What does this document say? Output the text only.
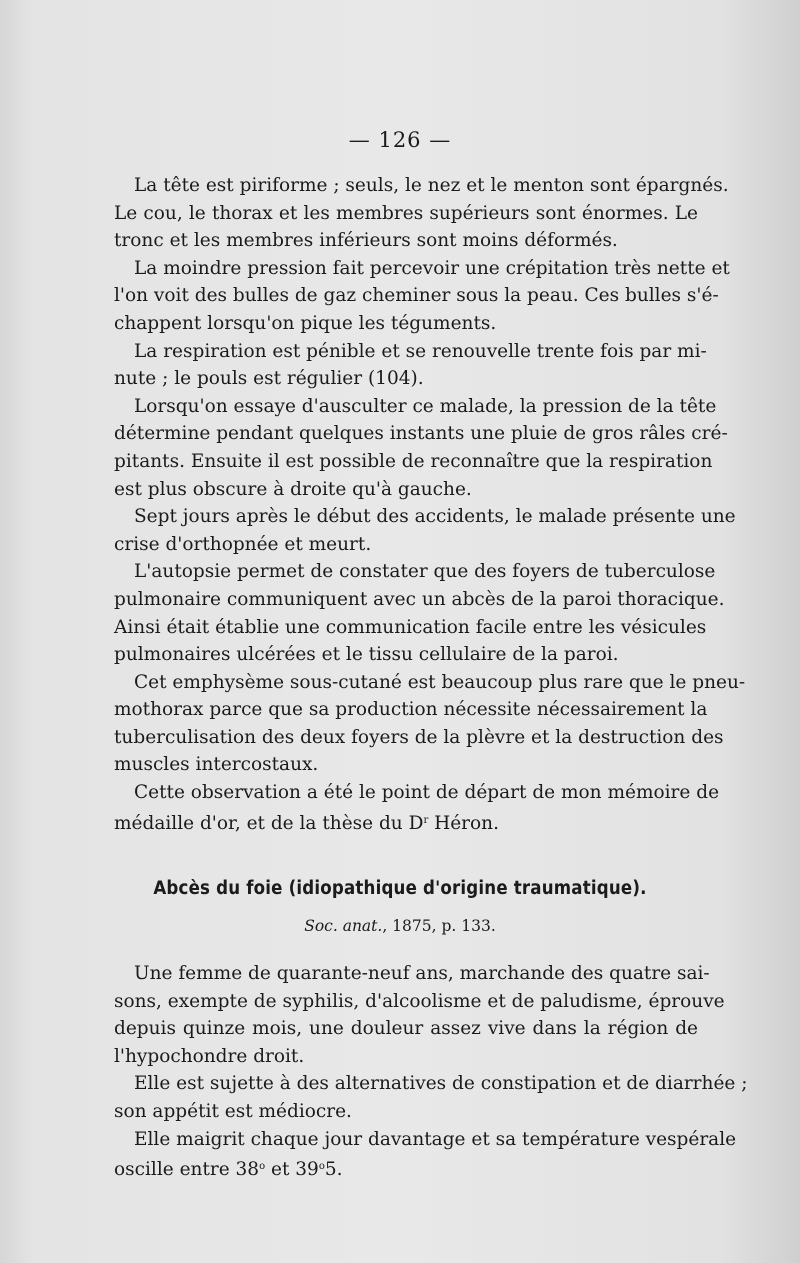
— 126 —
La tête est piriforme ; seuls, le nez et le menton sont épargnés.
Le cou, le thorax et les membres supérieurs sont énormes. Le
tronc et les membres inférieurs sont moins déformés.
La moindre pression fait percevoir une crépitation très nette et
l'on voit des bulles de gaz cheminer sous la peau. Ces bulles s'é-
chappent lorsqu'on pique les téguments.
La respiration est pénible et se renouvelle trente fois par mi-
nute ; le pouls est régulier (104).
Lorsqu'on essaye d'ausculter ce malade, la pression de la tête
détermine pendant quelques instants une pluie de gros râles cré-
pitants. Ensuite il est possible de reconnaître que la respiration
est plus obscure à droite qu'à gauche.
Sept jours après le début des accidents, le malade présente une
crise d'orthopnée et meurt.
L'autopsie permet de constater que des foyers de tuberculose
pulmonaire communiquent avec un abcès de la paroi thoracique.
Ainsi était établie une communication facile entre les vésicules
pulmonaires ulcérées et le tissu cellulaire de la paroi.
Cet emphysème sous-cutané est beaucoup plus rare que le pneu-
mothorax parce que sa production nécessite nécessairement la
tuberculisation des deux foyers de la plèvre et la destruction des
muscles intercostaux.
Cette observation a été le point de départ de mon mémoire de
médaille d'or, et de la thèse du $D^r$ Héron.
Abcès du foie (idiopathique d'origine traumatique).
Soc. anat., 1875, p. 133.
Une femme de quarante-neuf ans, marchande des quatre sai-
sons, exempte de syphilis, d'alcoolisme et de paludisme, éprouve
depuis quinze mois, une douleur assez vive dans la région de
l'hypochondre droit.
Elle est sujette à des alternatives de constipation et de diarrhée ;
son appétit est médiocre.
Elle maigrit chaque jour davantage et sa température vespérale
oscille entre 38$^o$ et 39$^o$5.
